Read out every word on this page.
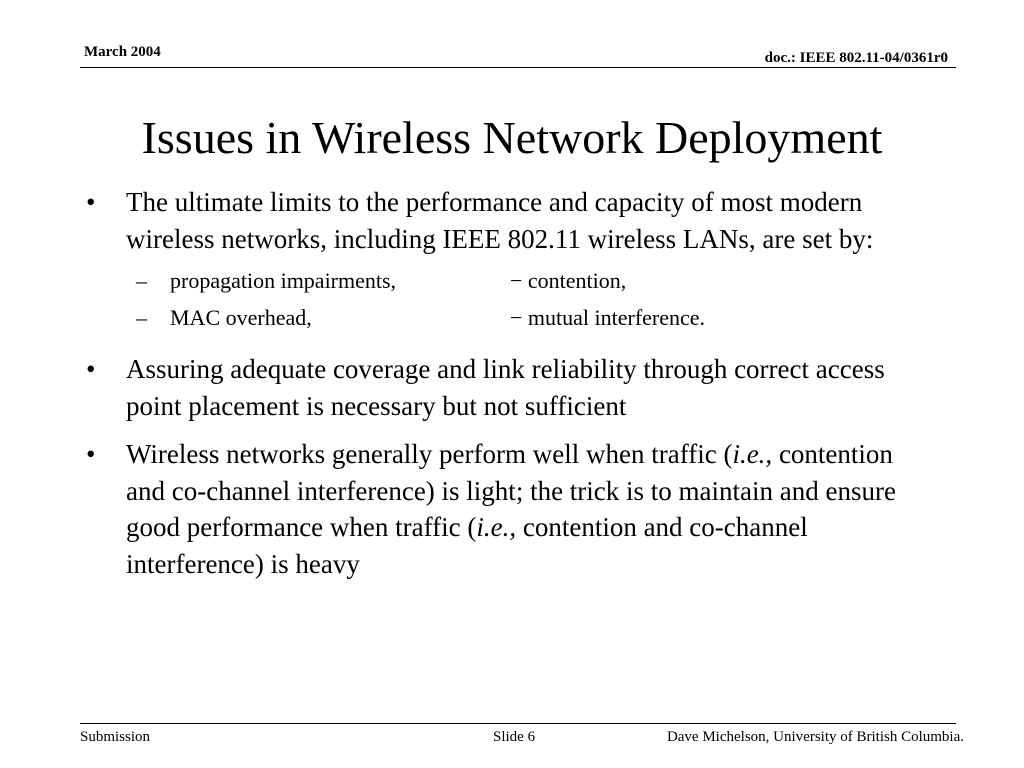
March 2004	doc.: IEEE 802.11-04/0361r0
Issues in Wireless Network Deployment
• The ultimate limits to the performance and capacity of most modern wireless networks, including IEEE 802.11 wireless LANs, are set by:
– propagation impairments,	− contention,
– MAC overhead,	− mutual interference.
• Assuring adequate coverage and link reliability through correct access point placement is necessary but not sufficient
• Wireless networks generally perform well when traffic (i.e., contention and co-channel interference) is light; the trick is to maintain and ensure good performance when traffic (i.e., contention and co-channel interference) is heavy
Submission	Slide 6	Dave Michelson, University of British Columbia.
